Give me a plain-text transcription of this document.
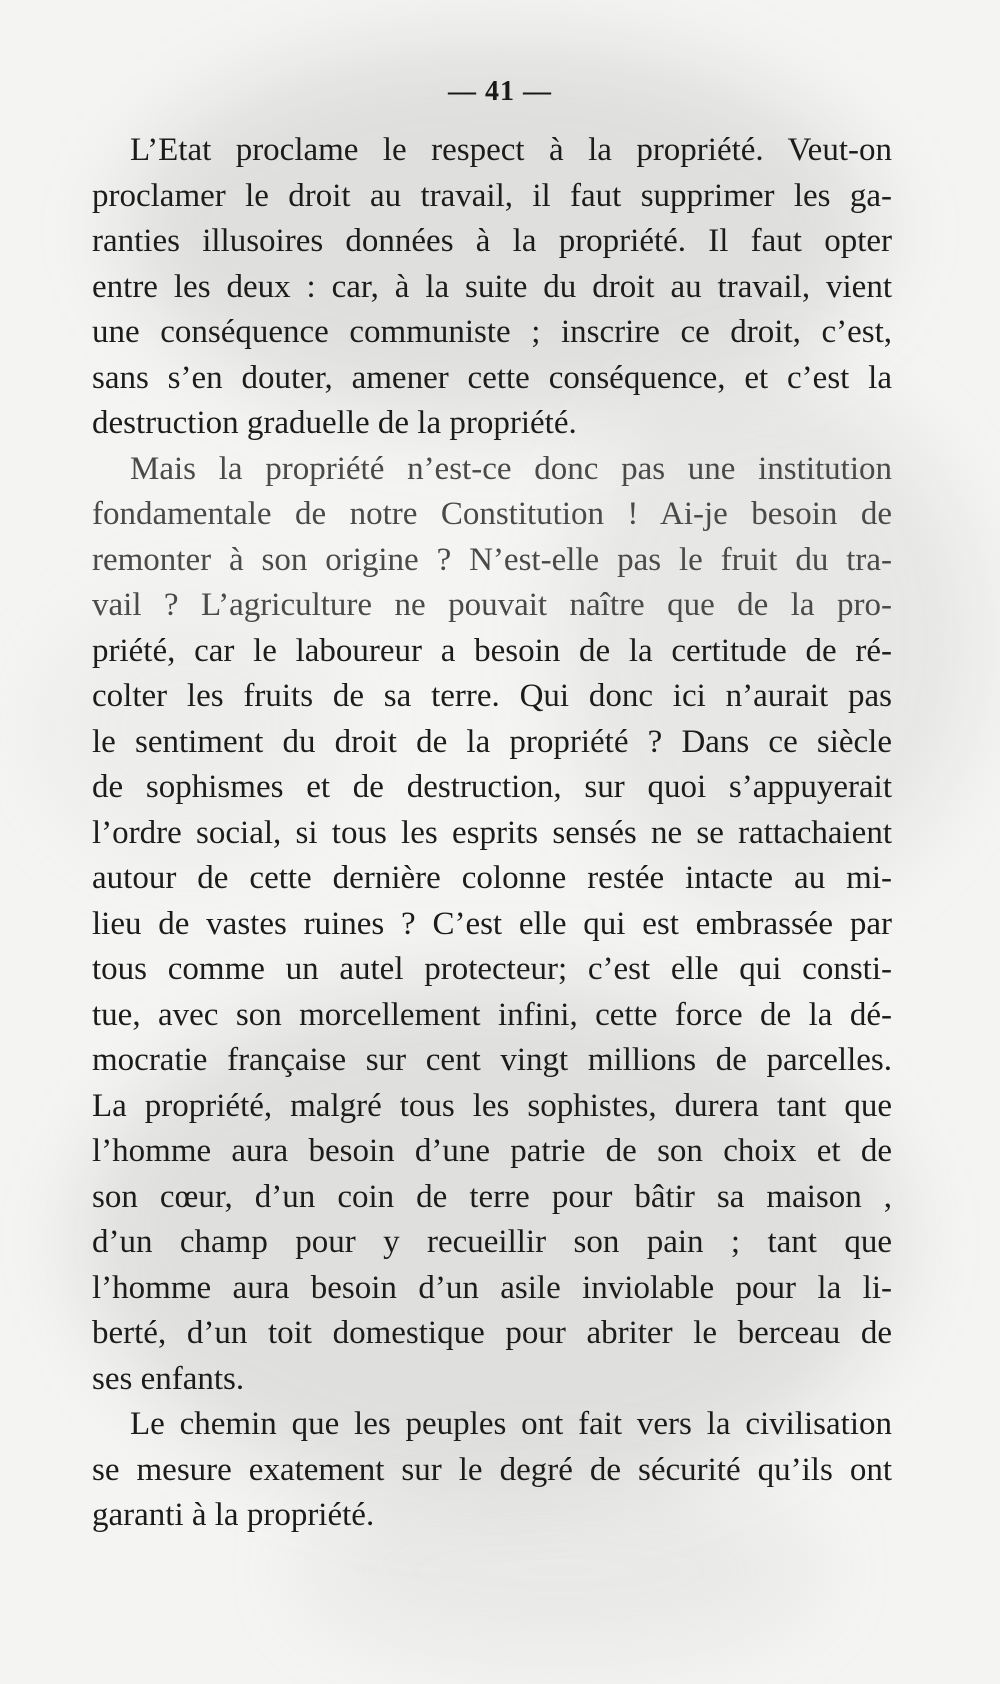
— 41 —
L’Etat proclame le respect à la propriété. Veut-on
proclamer le droit au travail, il faut supprimer les ga-
ranties illusoires données à la propriété. Il faut opter
entre les deux : car, à la suite du droit au travail, vient
une conséquence communiste ; inscrire ce droit, c’est,
sans s’en douter, amener cette conséquence, et c’est la
destruction graduelle de la propriété.
Mais la propriété n’est-ce donc pas une institution
fondamentale de notre Constitution ! Ai-je besoin de
remonter à son origine ? N’est-elle pas le fruit du tra-
vail ? L’agriculture ne pouvait naître que de la pro-
priété, car le laboureur a besoin de la certitude de ré-
colter les fruits de sa terre. Qui donc ici n’aurait pas
le sentiment du droit de la propriété ? Dans ce siècle
de sophismes et de destruction, sur quoi s’appuyerait
l’ordre social, si tous les esprits sensés ne se rattachaient
autour de cette dernière colonne restée intacte au mi-
lieu de vastes ruines ? C’est elle qui est embrassée par
tous comme un autel protecteur; c’est elle qui consti-
tue, avec son morcellement infini, cette force de la dé-
mocratie française sur cent vingt millions de parcelles.
La propriété, malgré tous les sophistes, durera tant que
l’homme aura besoin d’une patrie de son choix et de
son cœur, d’un coin de terre pour bâtir sa maison ,
d’un champ pour y recueillir son pain ; tant que
l’homme aura besoin d’un asile inviolable pour la li-
berté, d’un toit domestique pour abriter le berceau de
ses enfants.
Le chemin que les peuples ont fait vers la civilisation
se mesure exatement sur le degré de sécurité qu’ils ont
garanti à la propriété.
